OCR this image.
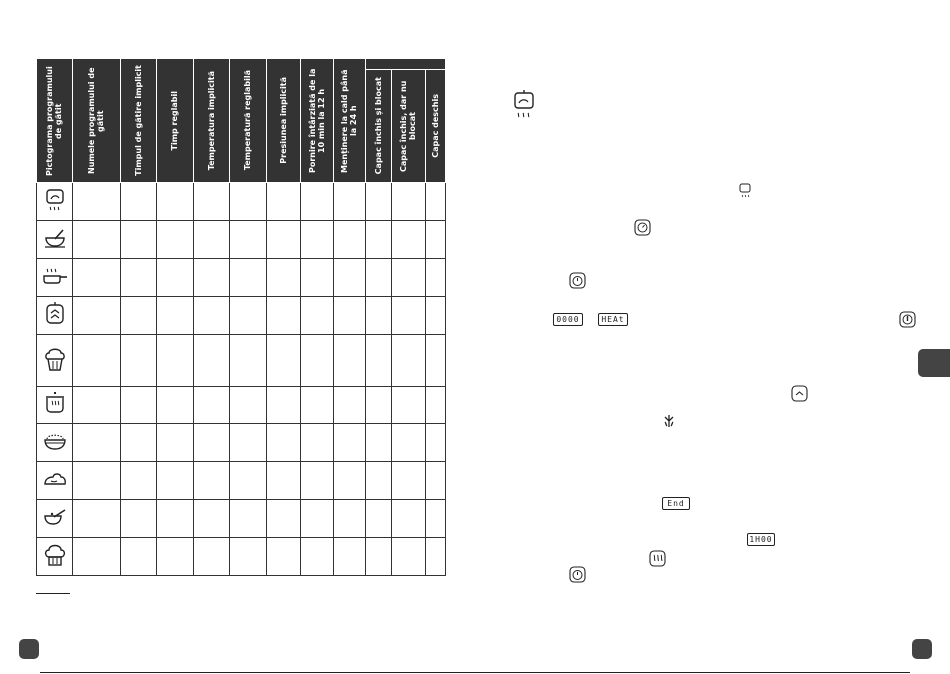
Pictograma programului de gătit	Numele programului de gătit	Timpul de gătire implicit	Timp reglabil	Temperatura implicită	Temperatură reglabilă	Presiunea implicită	Pornire întârziată de la 10 min la 12 h	Menținere la cald până la 24 h			

									Capac închis și blocat	Capac închis, dar nu blocat	Capac deschis

0000	HEAt
End
1H00
